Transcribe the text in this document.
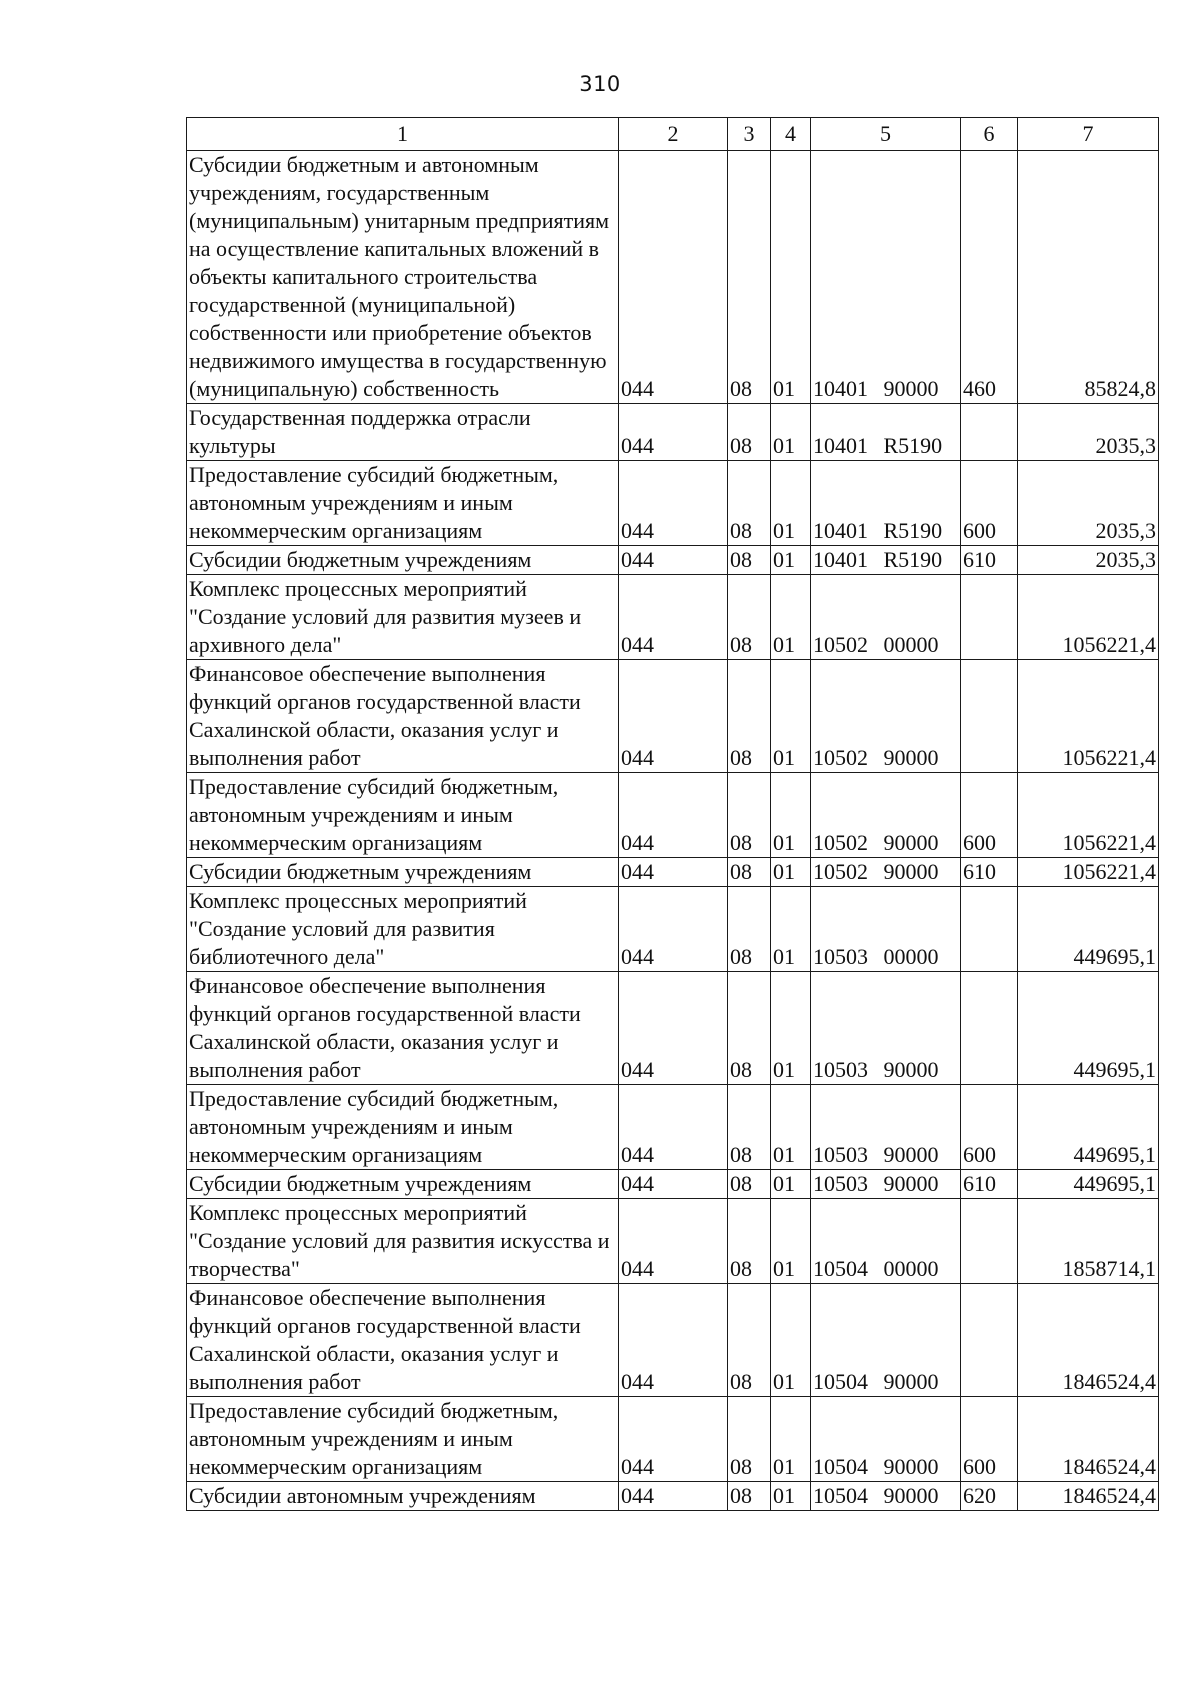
310
1	2	3	4	5	6	7
Субсидии бюджетным и автономным учреждениям, государственным (муниципальным) унитарным предприятиям на осуществление капитальных вложений в объекты капитального строительства государственной (муниципальной) собственности или приобретение объектов недвижимого имущества в государственную (муниципальную) собственность	044	08	01	10401 90000	460	85824,8
Государственная поддержка отрасли культуры	044	08	01	10401 R5190		2035,3
Предоставление субсидий бюджетным, автономным учреждениям и иным некоммерческим организациям	044	08	01	10401 R5190	600	2035,3
Субсидии бюджетным учреждениям	044	08	01	10401 R5190	610	2035,3
Комплекс процессных мероприятий "Создание условий для развития музеев и архивного дела"	044	08	01	10502 00000		1056221,4
Финансовое обеспечение выполнения функций органов государственной власти Сахалинской области, оказания услуг и выполнения работ	044	08	01	10502 90000		1056221,4
Предоставление субсидий бюджетным, автономным учреждениям и иным некоммерческим организациям	044	08	01	10502 90000	600	1056221,4
Субсидии бюджетным учреждениям	044	08	01	10502 90000	610	1056221,4
Комплекс процессных мероприятий "Создание условий для развития библиотечного дела"	044	08	01	10503 00000		449695,1
Финансовое обеспечение выполнения функций органов государственной власти Сахалинской области, оказания услуг и выполнения работ	044	08	01	10503 90000		449695,1
Предоставление субсидий бюджетным, автономным учреждениям и иным некоммерческим организациям	044	08	01	10503 90000	600	449695,1
Субсидии бюджетным учреждениям	044	08	01	10503 90000	610	449695,1
Комплекс процессных мероприятий "Создание условий для развития искусства и творчества"	044	08	01	10504 00000		1858714,1
Финансовое обеспечение выполнения функций органов государственной власти Сахалинской области, оказания услуг и выполнения работ	044	08	01	10504 90000		1846524,4
Предоставление субсидий бюджетным, автономным учреждениям и иным некоммерческим организациям	044	08	01	10504 90000	600	1846524,4
Субсидии автономным учреждениям	044	08	01	10504 90000	620	1846524,4
